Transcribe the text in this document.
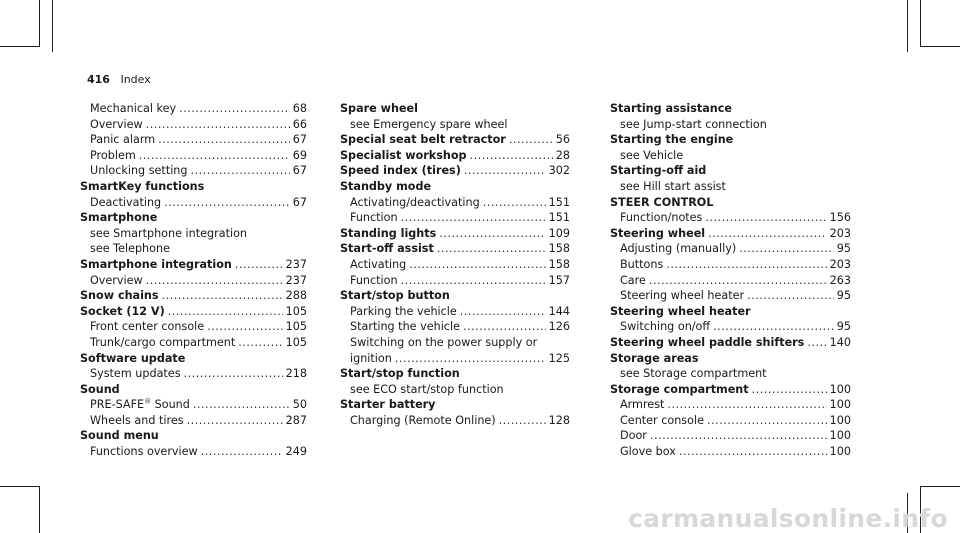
416 Index
Mechanical key .....	68
Overview .....	66
Panic alarm .....	67
Problem .....	69
Unlocking setting .....	67
SmartKey functions
Deactivating .....	67
Smartphone
see Smartphone integration
see Telephone
Smartphone integration .....	237
Overview .....	237
Snow chains .....	288
Socket (12 V) .....	105
Front center console .....	105
Trunk/cargo compartment .....	105
Software update
System updates .....	218
Sound
PRE-SAFE® Sound .....	50
Wheels and tires .....	287
Sound menu
Functions overview .....	249
Spare wheel
see Emergency spare wheel
Special seat belt retractor .....	56
Specialist workshop .....	28
Speed index (tires) .....	302
Standby mode
Activating/deactivating .....	151
Function .....	151
Standing lights .....	109
Start-off assist .....	158
Activating .....	158
Function .....	157
Start/stop button
Parking the vehicle .....	144
Starting the vehicle .....	126
Switching on the power supply or
ignition .....	125
Start/stop function
see ECO start/stop function
Starter battery
Charging (Remote Online) .....	128
Starting assistance
see Jump-start connection
Starting the engine
see Vehicle
Starting-off aid
see Hill start assist
STEER CONTROL
Function/notes .....	156
Steering wheel .....	203
Adjusting (manually) .....	95
Buttons .....	203
Care .....	263
Steering wheel heater .....	95
Steering wheel heater
Switching on/off .....	95
Steering wheel paddle shifters ..... 140
Storage areas
see Storage compartment
Storage compartment .....	100
Armrest .....	100
Center console .....	100
Door .....	100
Glove box .....	100
carmanualsonline.info
